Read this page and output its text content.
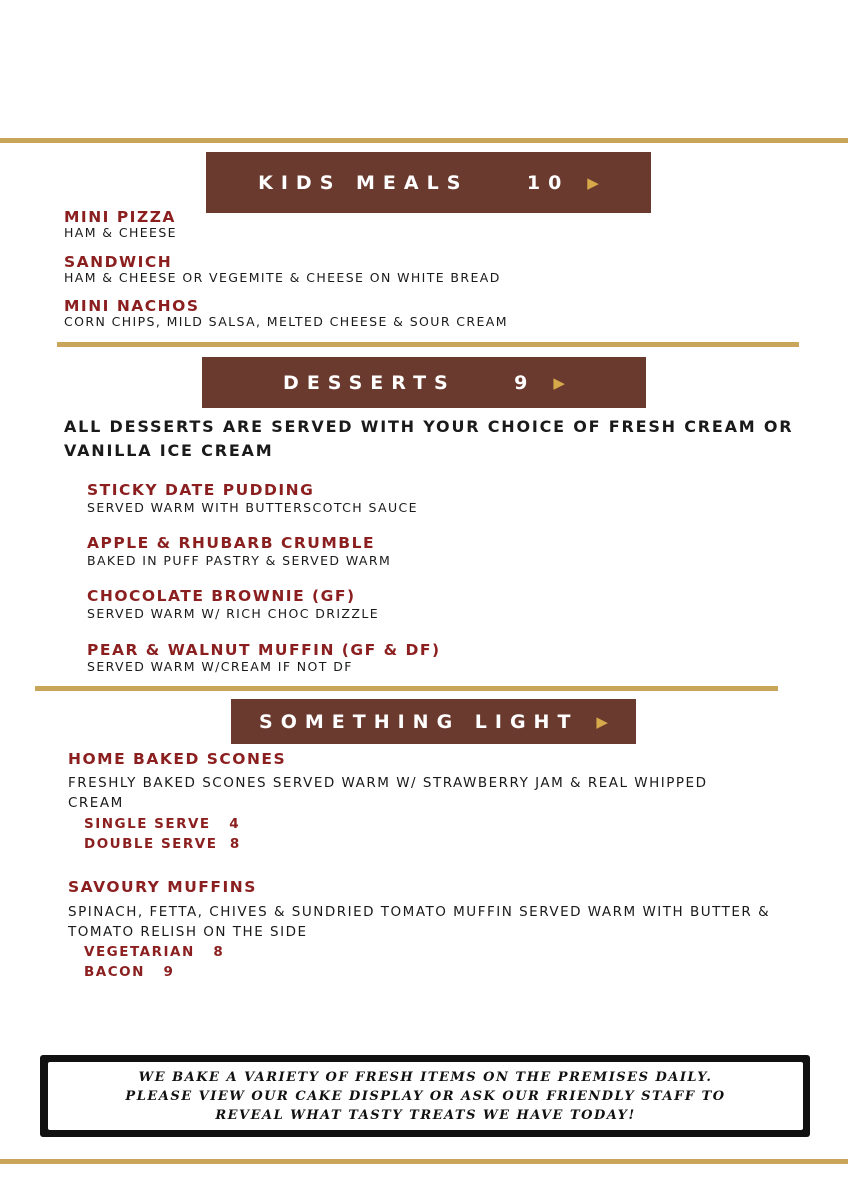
KIDS MEALS    10 ▶
MINI PIZZA
HAM & CHEESE
SANDWICH
HAM & CHEESE OR VEGEMITE & CHEESE ON WHITE BREAD
MINI NACHOS
CORN CHIPS, MILD SALSA, MELTED CHEESE & SOUR CREAM
DESSERTS    9 ▶
ALL DESSERTS ARE SERVED WITH YOUR CHOICE OF FRESH CREAM OR VANILLA ICE CREAM
STICKY DATE PUDDING
SERVED WARM WITH BUTTERSCOTCH SAUCE
APPLE & RHUBARB CRUMBLE
BAKED IN PUFF PASTRY & SERVED WARM
CHOCOLATE BROWNIE (GF)
SERVED WARM W/ RICH CHOC DRIZZLE
PEAR & WALNUT MUFFIN (GF & DF)
SERVED WARM W/CREAM IF NOT DF
SOMETHING LIGHT ▶
HOME BAKED SCONES
FRESHLY BAKED SCONES SERVED WARM W/ STRAWBERRY JAM & REAL WHIPPED CREAM
SINGLE SERVE   4
DOUBLE SERVE  8
SAVOURY MUFFINS
SPINACH, FETTA, CHIVES & SUNDRIED TOMATO MUFFIN SERVED WARM WITH BUTTER & TOMATO RELISH ON THE SIDE
VEGETARIAN   8
BACON   9
WE BAKE A VARIETY OF FRESH ITEMS ON THE PREMISES DAILY. PLEASE VIEW OUR CAKE DISPLAY OR ASK OUR FRIENDLY STAFF TO REVEAL WHAT TASTY TREATS WE HAVE TODAY!
